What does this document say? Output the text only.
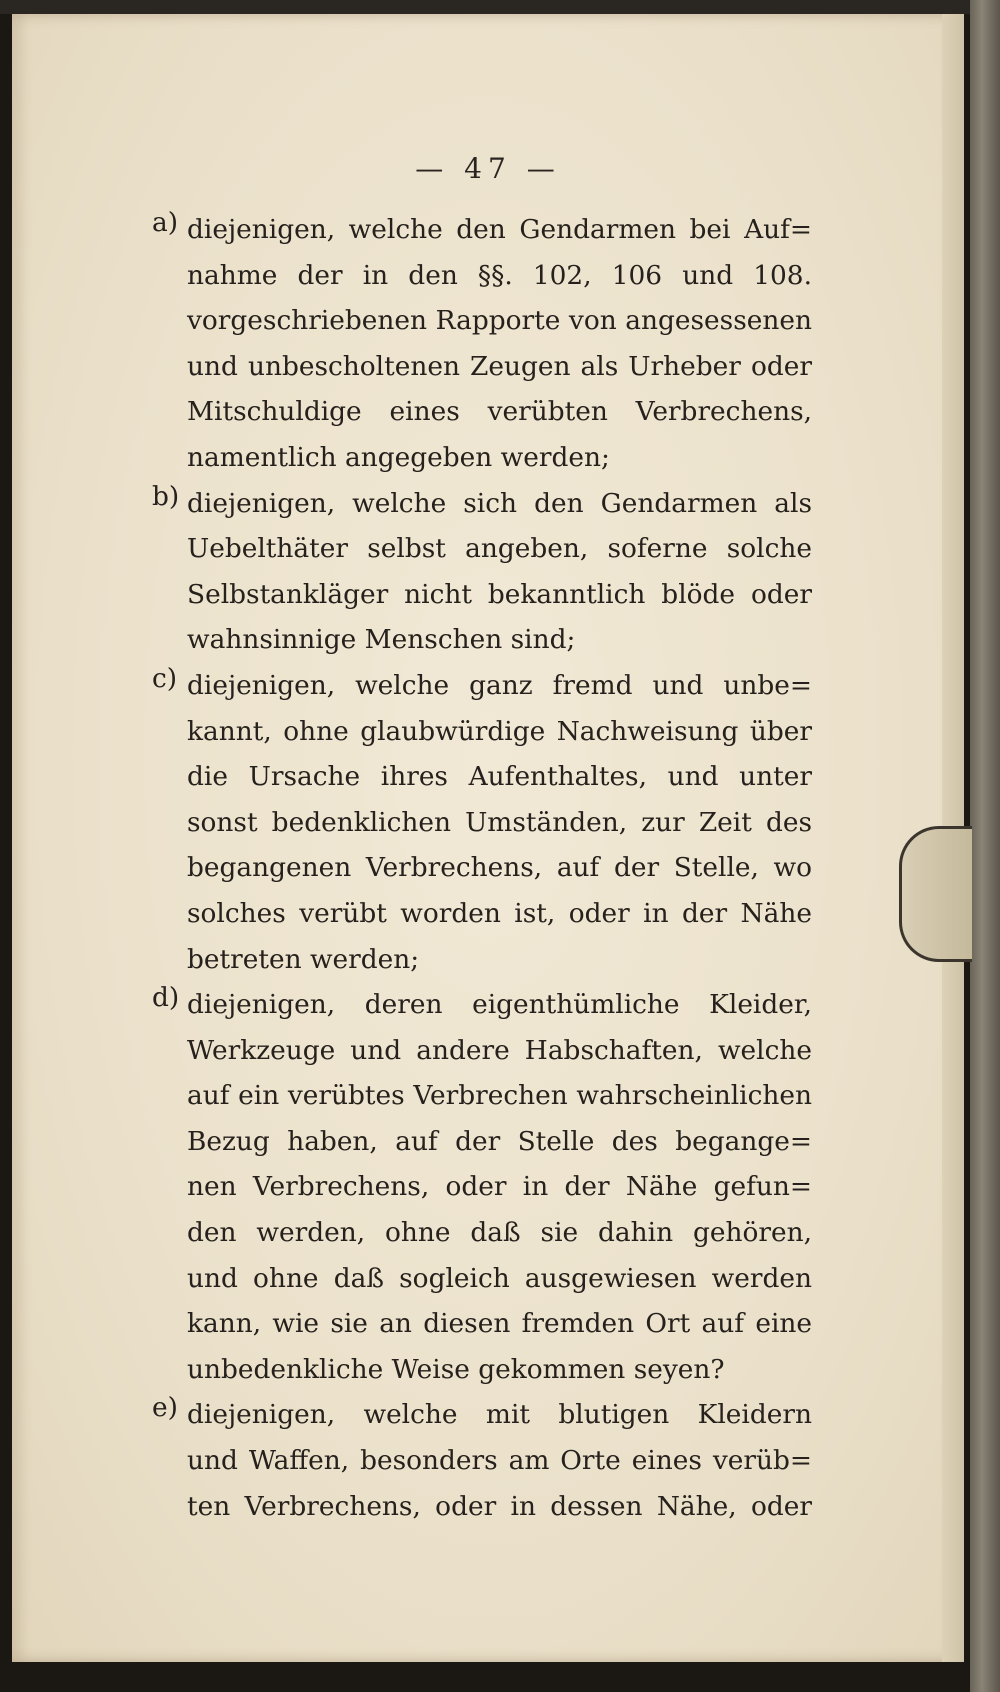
— 47 —
a) diejenigen, welche den Gendarmen bei Auf=
nahme der in den §§. 102, 106 und 108.
vorgeschriebenen Rapporte von angesessenen
und unbescholtenen Zeugen als Urheber oder
Mitschuldige eines verübten Verbrechens,
namentlich angegeben werden;
b) diejenigen, welche sich den Gendarmen als
Uebelthäter selbst angeben, soferne solche
Selbstankläger nicht bekanntlich blöde oder
wahnsinnige Menschen sind;
c) diejenigen, welche ganz fremd und unbe=
kannt, ohne glaubwürdige Nachweisung über
die Ursache ihres Aufenthaltes, und unter
sonst bedenklichen Umständen, zur Zeit des
begangenen Verbrechens, auf der Stelle, wo
solches verübt worden ist, oder in der Nähe
betreten werden;
d) diejenigen, deren eigenthümliche Kleider,
Werkzeuge und andere Habschaften, welche
auf ein verübtes Verbrechen wahrscheinlichen
Bezug haben, auf der Stelle des begange=
nen Verbrechens, oder in der Nähe gefun=
den werden, ohne daß sie dahin gehören,
und ohne daß sogleich ausgewiesen werden
kann, wie sie an diesen fremden Ort auf eine
unbedenkliche Weise gekommen seyen?
e) diejenigen, welche mit blutigen Kleidern
und Waffen, besonders am Orte eines verüb=
ten Verbrechens, oder in dessen Nähe, oder
